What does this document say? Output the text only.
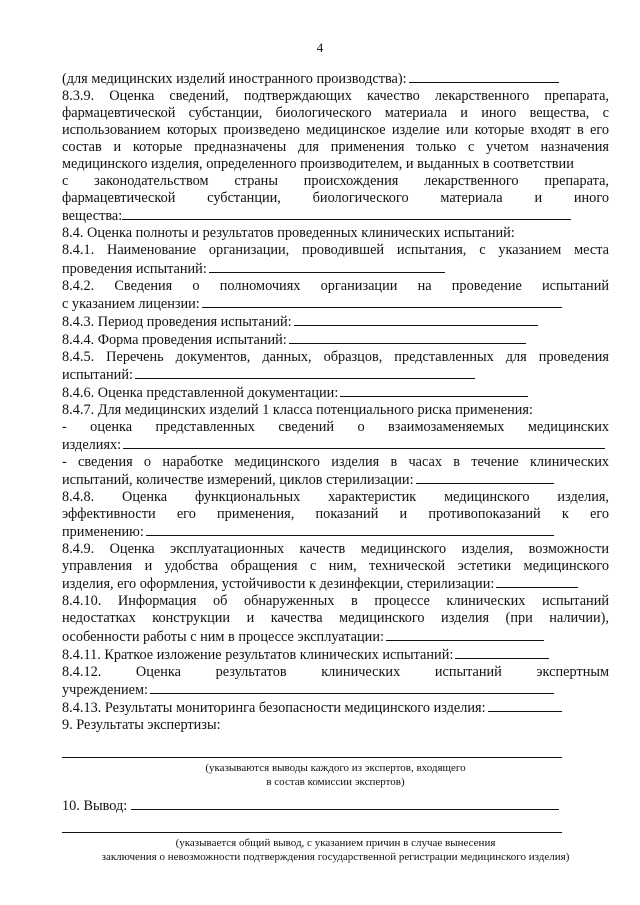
4
(для медицинских изделий иностранного производства):
8.3.9. Оценка сведений, подтверждающих качество лекарственного препарата, фармацевтической субстанции, биологического материала и иного вещества, с использованием которых произведено медицинское изделие или которые входят в его состав и которые предназначены для применения только с учетом назначения медицинского изделия, определенного производителем, и выданных в соответствии
с законодательством страны происхождения лекарственного препарата,
фармацевтической субстанции, биологического материала и иного
вещества:
8.4. Оценка полноты и результатов проведенных клинических испытаний:
8.4.1. Наименование организации, проводившей испытания, с указанием места
проведения испытаний:
8.4.2. Сведения о полномочиях организации на проведение испытаний
с указанием лицензии:
8.4.3. Период проведения испытаний:
8.4.4. Форма проведения испытаний:
8.4.5. Перечень документов, данных, образцов, представленных для проведения
испытаний:
8.4.6. Оценка представленной документации:
8.4.7. Для медицинских изделий 1 класса потенциального риска применения:
- оценка представленных сведений о взаимозаменяемых медицинских
изделиях:
- сведения о наработке медицинского изделия в часах в течение клинических
испытаний, количестве измерений, циклов стерилизации:
8.4.8. Оценка функциональных характеристик медицинского изделия,
эффективности его применения, показаний и противопоказаний к его
применению:
8.4.9. Оценка эксплуатационных качеств медицинского изделия, возможности
управления и удобства обращения с ним, технической эстетики медицинского
изделия, его оформления, устойчивости к дезинфекции, стерилизации:
8.4.10. Информация об обнаруженных в процессе клинических испытаний
недостатках конструкции и качества медицинского изделия (при наличии),
особенности работы с ним в процессе эксплуатации:
8.4.11. Краткое изложение результатов клинических испытаний:
8.4.12. Оценка результатов клинических испытаний экспертным
учреждением:
8.4.13. Результаты мониторинга безопасности медицинского изделия:
9. Результаты экспертизы:
(указываются выводы каждого из экспертов, входящего
в состав комиссии экспертов)
10. Вывод:
(указывается общий вывод, с указанием причин в случае вынесения
заключения о невозможности подтверждения государственной регистрации медицинского изделия)
